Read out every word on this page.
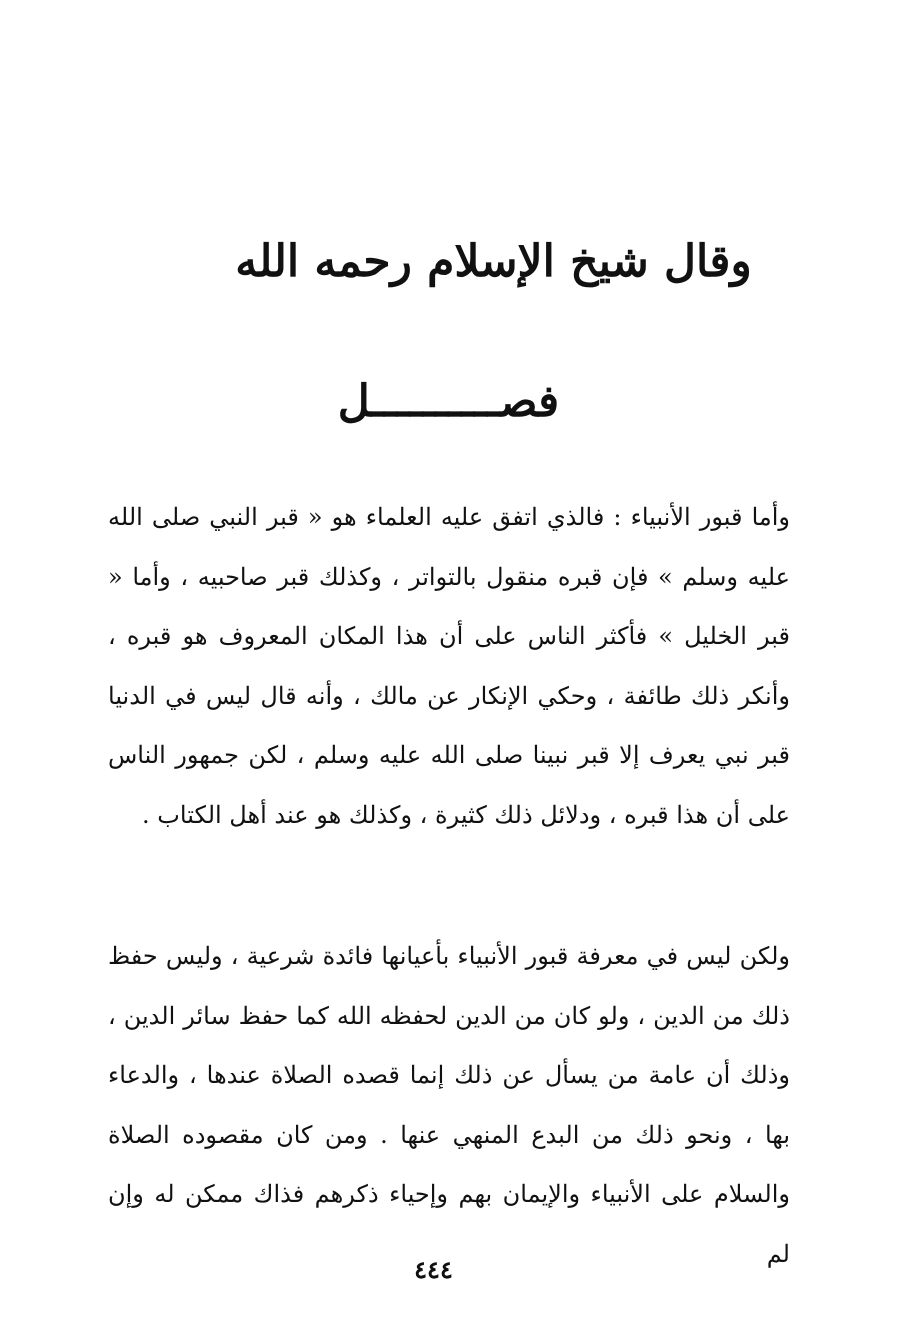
وقال شيخ الإسلام رحمه الله
فصــــــــــل
وأما قبور الأنبياء : فالذي اتفق عليه العلماء هو « قبر النبي صلى الله عليه وسلم » فإن قبره منقول بالتواتر ، وكذلك قبر صاحبيه ، وأما « قبر الخليل » فأكثر الناس على أن هذا المكان المعروف هو قبره ، وأنكر ذلك طائفة ، وحكي الإنكار عن مالك ، وأنه قال ليس في الدنيا قبر نبي يعرف إلا قبر نبينا صلى الله عليه وسلم ، لكن جمهور الناس على أن هذا قبره ، ودلائل ذلك كثيرة ، وكذلك هو عند أهل الكتاب .
ولكن ليس في معرفة قبور الأنبياء بأعيانها فائدة شرعية ، وليس حفظ ذلك من الدين ، ولو كان من الدين لحفظه الله كما حفظ سائر الدين ، وذلك أن عامة من يسأل عن ذلك إنما قصده الصلاة عندها ، والدعاء بها ، ونحو ذلك من البدع المنهي عنها . ومن كان مقصوده الصلاة والسلام على الأنبياء والإيمان بهم وإحياء ذكرهم فذاك ممكن له وإن لم
٤٤٤
